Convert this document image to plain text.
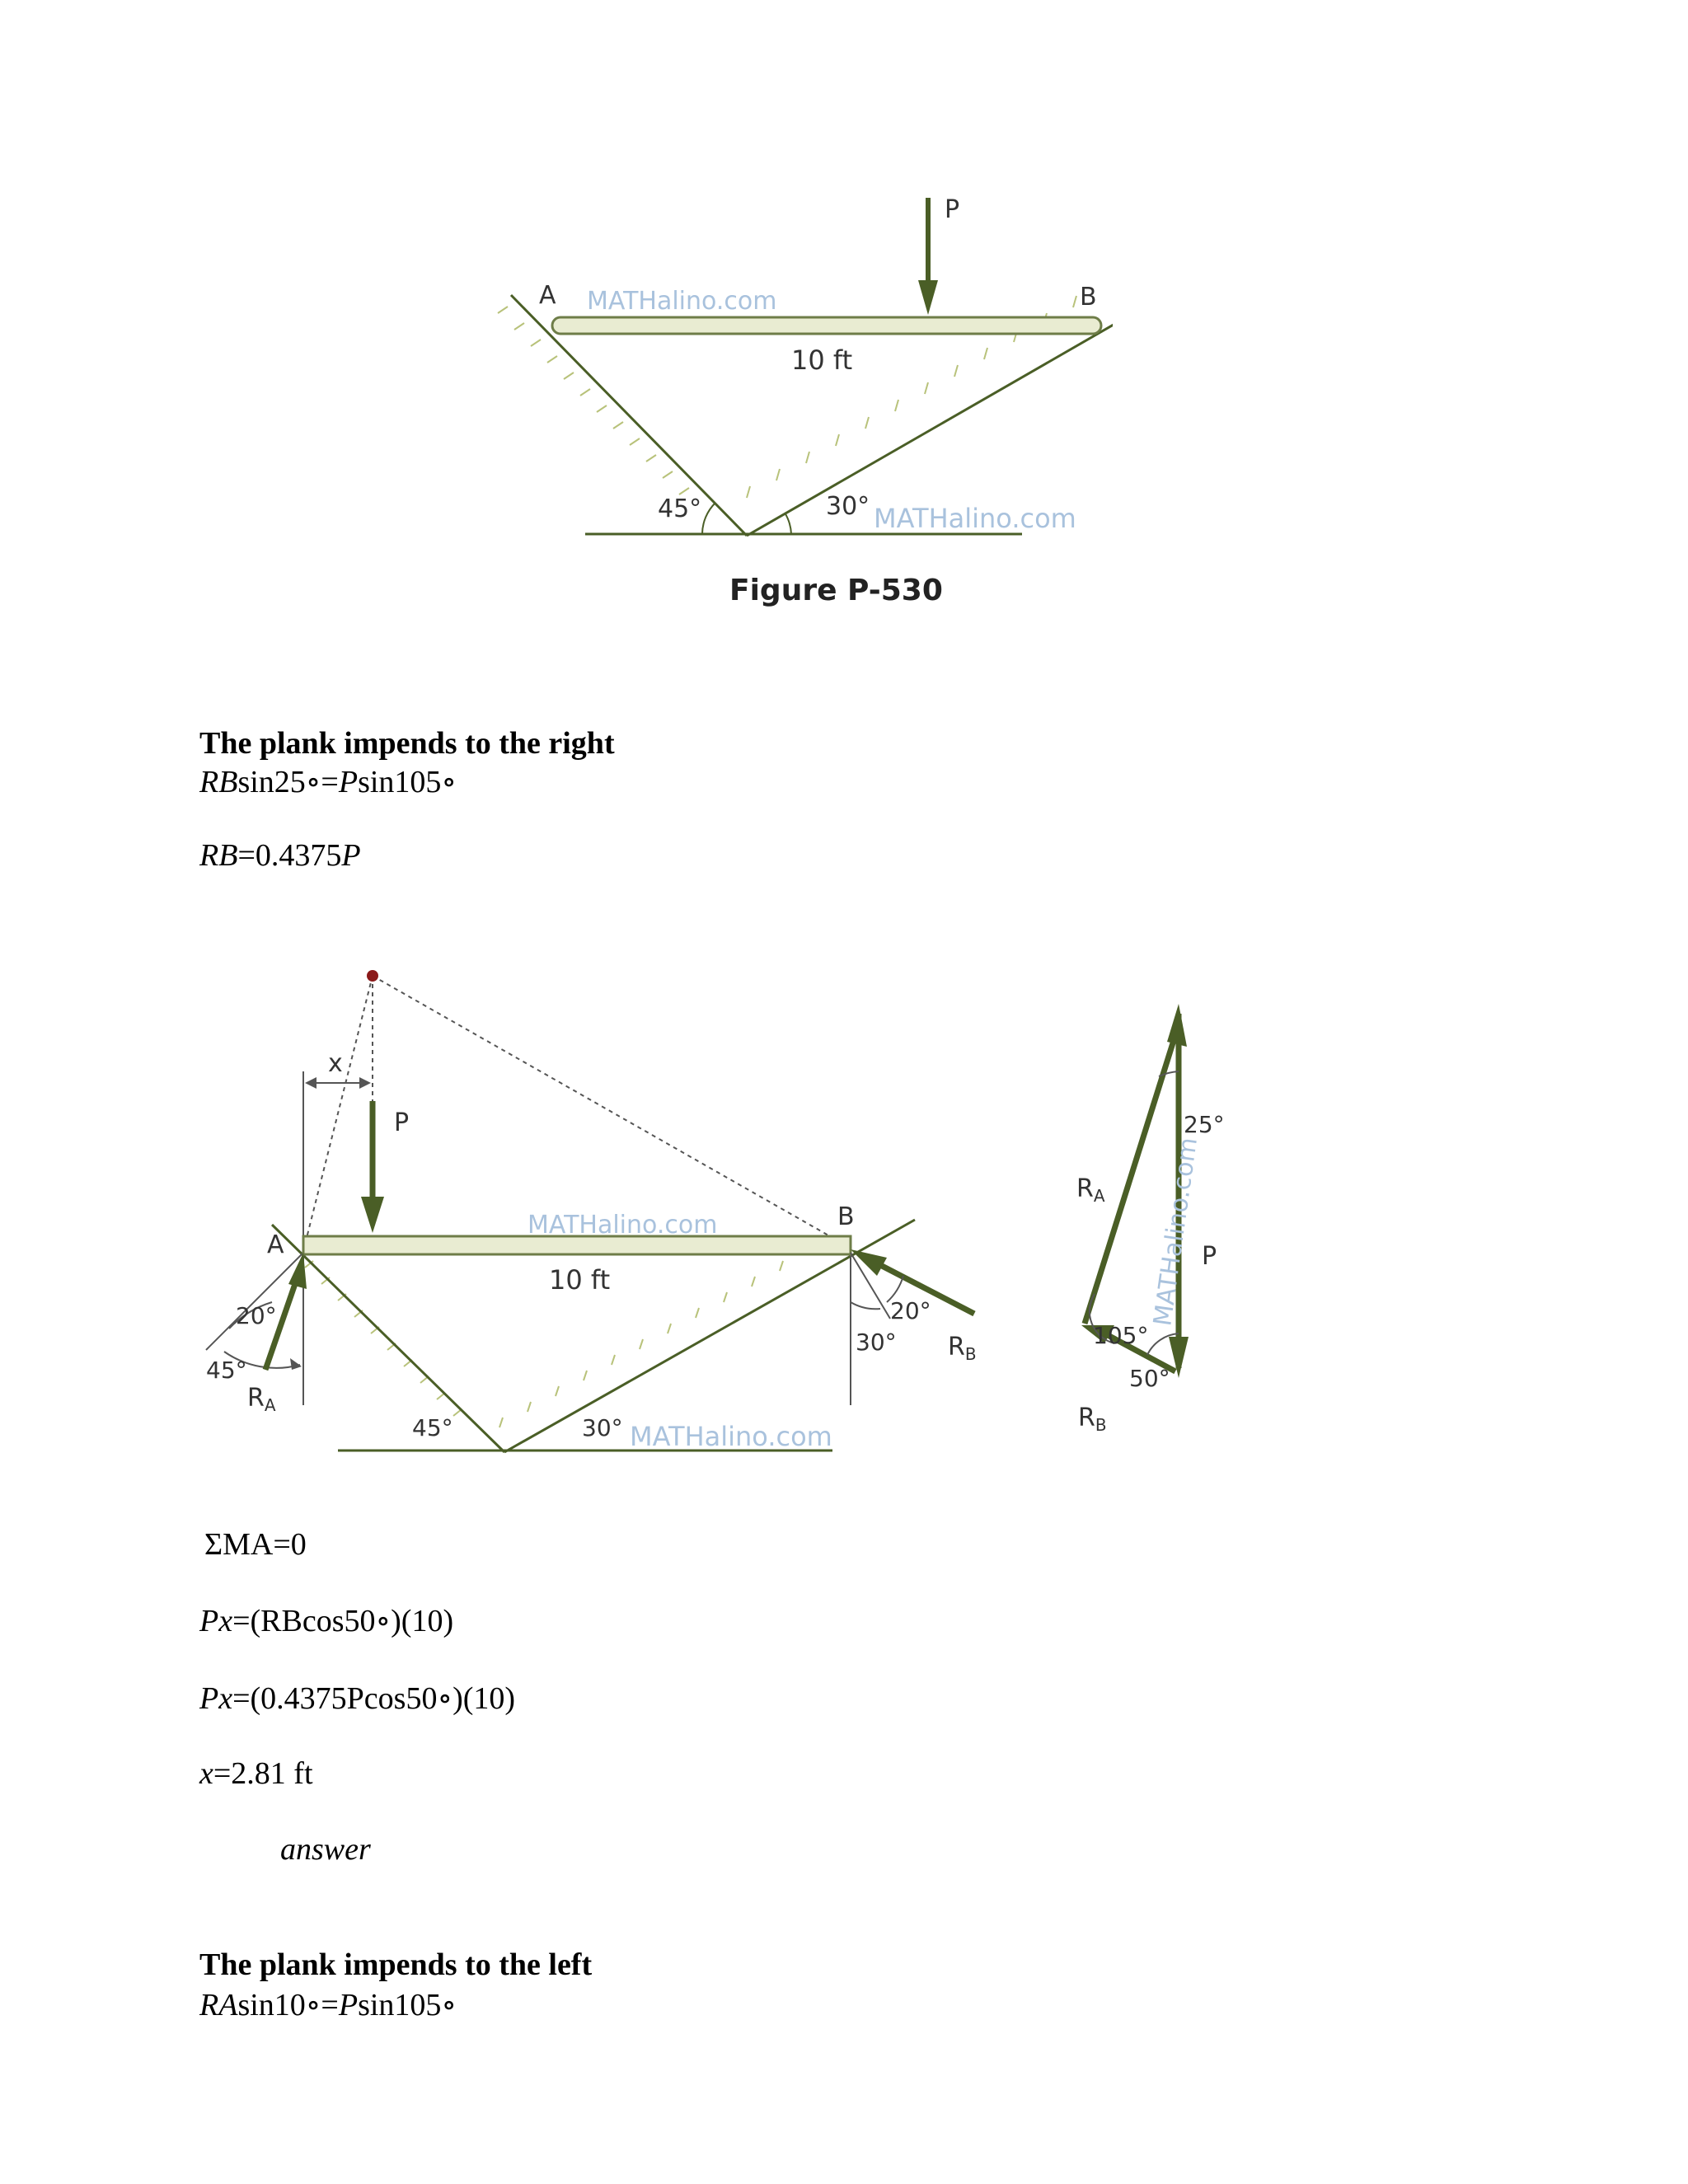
P
A	B
10 ft
45°	30°
MATHalino.com
MATHalino.com
Figure P-530
The plank impends to the right
RBsin25∘=Psin105∘
RB=0.4375P
x
P
$R_A$
$R_B$
A
B
10 ft
20°
45°
45°	30°
20°
30°
MATHalino.com
MATHalino.com
25°
P
$R_A$
$R_B$
105°
50°
MATHalino.com
ΣMA=0
Px=(RBcos50∘)(10)
Px=(0.4375Pcos50∘)(10)
x=2.81 ft
answer
The plank impends to the left
RAsin10∘=Psin105∘
